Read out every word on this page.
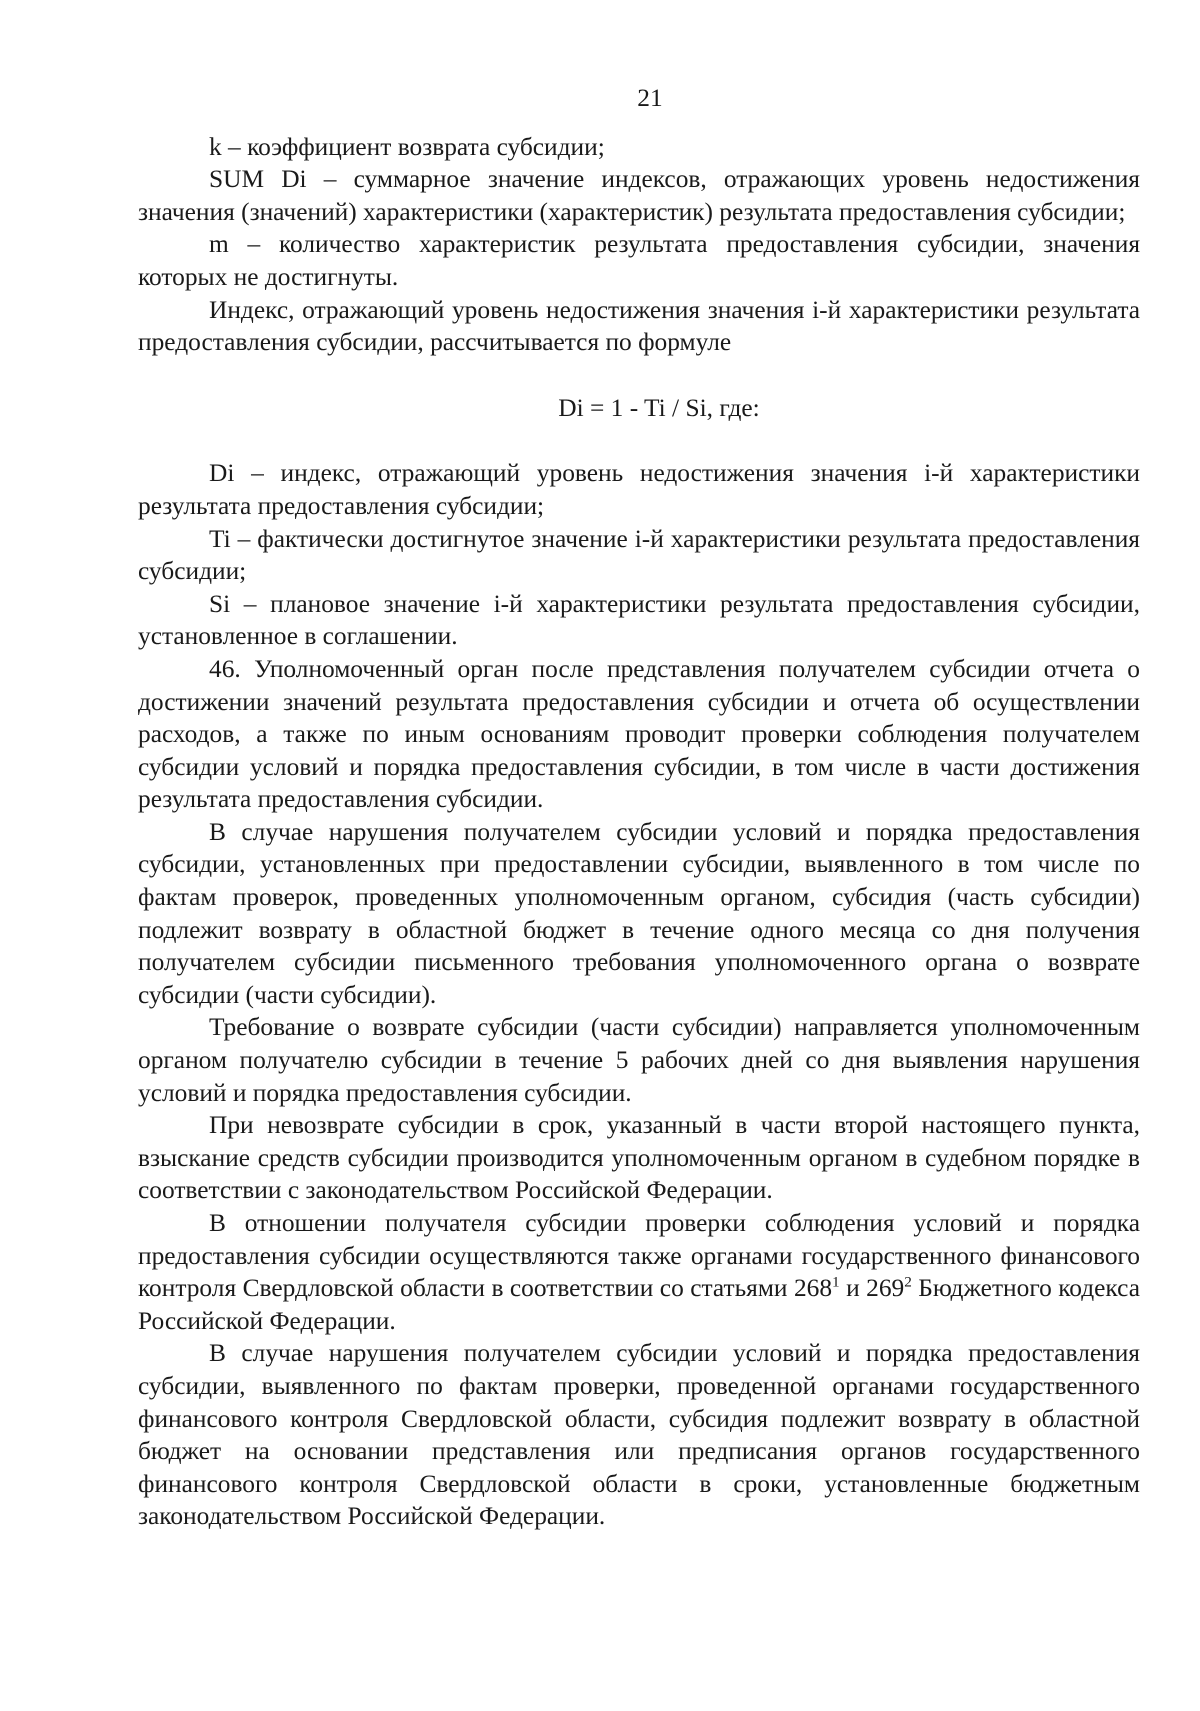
21

k – коэффициент возврата субсидии;

SUM Di – суммарное значение индексов, отражающих уровень недостижения значения (значений) характеристики (характеристик) результата предоставления субсидии;

m – количество характеристик результата предоставления субсидии, значения которых не достигнуты.

Индекс, отражающий уровень недостижения значения i-й характеристики результата предоставления субсидии, рассчитывается по формуле

Di = 1 - Ti / Si, где:

Di – индекс, отражающий уровень недостижения значения i-й характеристики результата предоставления субсидии;

Ti – фактически достигнутое значение i-й характеристики результата предоставления субсидии;

Si – плановое значение i-й характеристики результата предоставления субсидии, установленное в соглашении.

46. Уполномоченный орган после представления получателем субсидии отчета о достижении значений результата предоставления субсидии и отчета об осуществлении расходов, а также по иным основаниям проводит проверки соблюдения получателем субсидии условий и порядка предоставления субсидии, в том числе в части достижения результата предоставления субсидии.

В случае нарушения получателем субсидии условий и порядка предоставления субсидии, установленных при предоставлении субсидии, выявленного в том числе по фактам проверок, проведенных уполномоченным органом, субсидия (часть субсидии) подлежит возврату в областной бюджет в течение одного месяца со дня получения получателем субсидии письменного требования уполномоченного органа о возврате субсидии (части субсидии).

Требование о возврате субсидии (части субсидии) направляется уполномоченным органом получателю субсидии в течение 5 рабочих дней со дня выявления нарушения условий и порядка предоставления субсидии.

При невозврате субсидии в срок, указанный в части второй настоящего пункта, взыскание средств субсидии производится уполномоченным органом в судебном порядке в соответствии с законодательством Российской Федерации.

В отношении получателя субсидии проверки соблюдения условий и порядка предоставления субсидии осуществляются также органами государственного финансового контроля Свердловской области в соответствии со статьями $268^1$ и $269^2$ Бюджетного кодекса Российской Федерации.

В случае нарушения получателем субсидии условий и порядка предоставления субсидии, выявленного по фактам проверки, проведенной органами государственного финансового контроля Свердловской области, субсидия подлежит возврату в областной бюджет на основании представления или предписания органов государственного финансового контроля Свердловской области в сроки, установленные бюджетным законодательством Российской Федерации.
